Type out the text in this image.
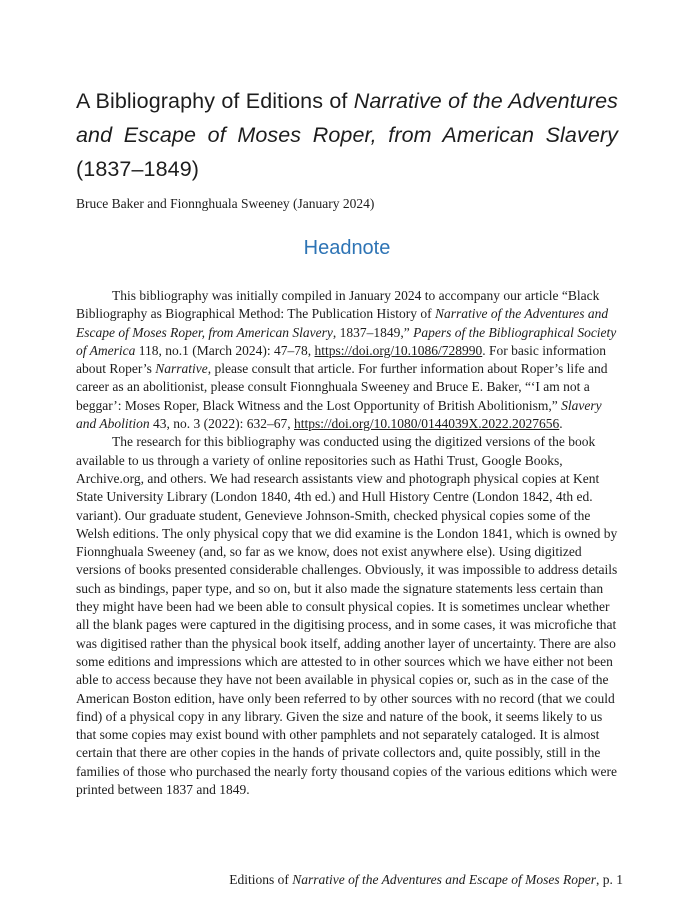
A Bibliography of Editions of Narrative of the Adventures
and Escape of Moses Roper, from American Slavery
(1837–1849)
Bruce Baker and Fionnghuala Sweeney (January 2024)
Headnote

This bibliography was initially compiled in January 2024 to accompany our article “Black Bibliography as Biographical Method: The Publication History of Narrative of the Adventures and Escape of Moses Roper, from American Slavery, 1837–1849,” Papers of the Bibliographical Society of America 118, no.1 (March 2024): 47–78, https://doi.org/10.1086/728990. For basic information about Roper’s Narrative, please consult that article. For further information about Roper’s life and career as an abolitionist, please consult Fionnghuala Sweeney and Bruce E. Baker, “‘I am not a beggar’: Moses Roper, Black Witness and the Lost Opportunity of British Abolitionism,” Slavery and Abolition 43, no. 3 (2022): 632–67, https://doi.org/10.1080/0144039X.2022.2027656.

The research for this bibliography was conducted using the digitized versions of the book available to us through a variety of online repositories such as Hathi Trust, Google Books, Archive.org, and others. We had research assistants view and photograph physical copies at Kent State University Library (London 1840, 4th ed.) and Hull History Centre (London 1842, 4th ed. variant). Our graduate student, Genevieve Johnson-Smith, checked physical copies some of the Welsh editions. The only physical copy that we did examine is the London 1841, which is owned by Fionnghuala Sweeney (and, so far as we know, does not exist anywhere else). Using digitized versions of books presented considerable challenges. Obviously, it was impossible to address details such as bindings, paper type, and so on, but it also made the signature statements less certain than they might have been had we been able to consult physical copies. It is sometimes unclear whether all the blank pages were captured in the digitising process, and in some cases, it was microfiche that was digitised rather than the physical book itself, adding another layer of uncertainty. There are also some editions and impressions which are attested to in other sources which we have either not been able to access because they have not been available in physical copies or, such as in the case of the American Boston edition, have only been referred to by other sources with no record (that we could find) of a physical copy in any library. Given the size and nature of the book, it seems likely to us that some copies may exist bound with other pamphlets and not separately cataloged. It is almost certain that there are other copies in the hands of private collectors and, quite possibly, still in the families of those who purchased the nearly forty thousand copies of the various editions which were printed between 1837 and 1849.

Editions of Narrative of the Adventures and Escape of Moses Roper, p. 1
